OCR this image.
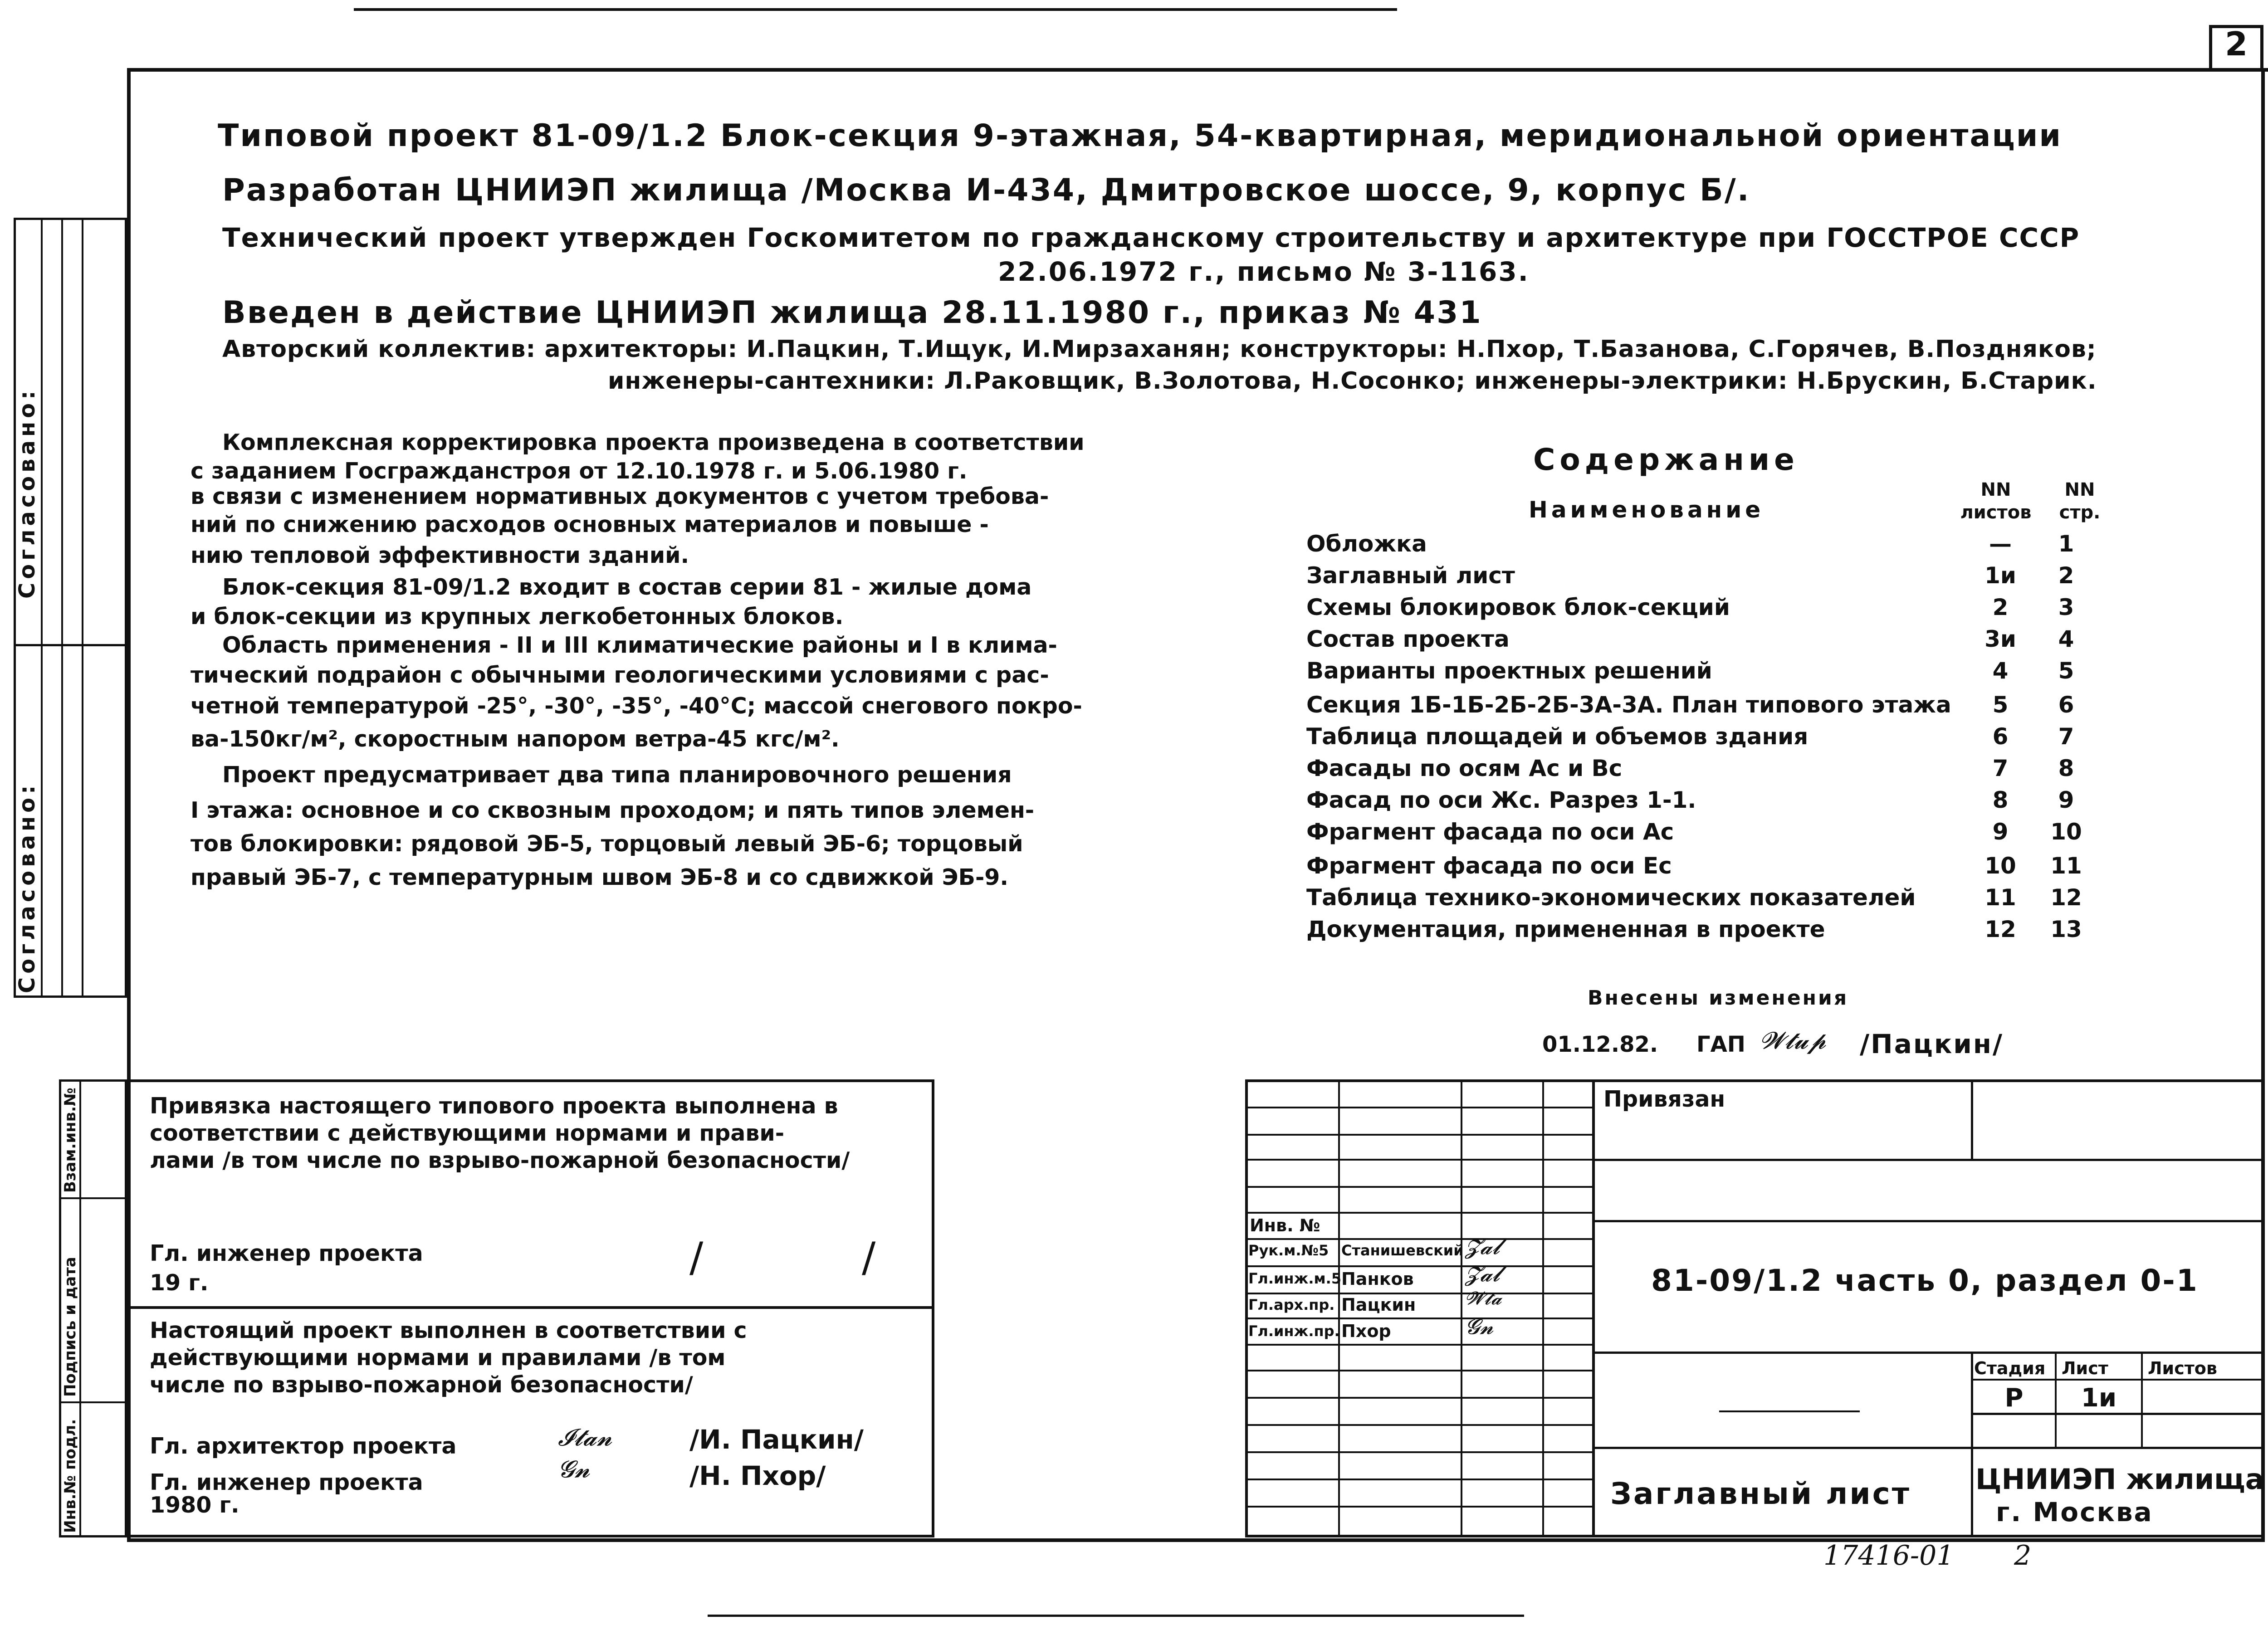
2
Согласовано:
Согласовано:
Инв.№ подл.
Подпись и дата
Взам.инв.№
Типовой проект 81-09/1.2 Блок-секция 9-этажная, 54-квартирная, меридиональной ориентации
Разработан ЦНИИЭП жилища /Москва И-434, Дмитровское шоссе, 9, корпус Б/.
Технический проект утвержден Госкомитетом по гражданскому строительству и архитектуре при ГОССТРОЕ СССР
22.06.1972 г., письмо № 3-1163.
Введен в действие ЦНИИЭП жилища 28.11.1980 г., приказ № 431
Авторский коллектив: архитекторы: И.Пацкин, Т.Ищук, И.Мирзаханян; конструкторы: Н.Пхор, Т.Базанова, С.Горячев, В.Поздняков;
инженеры-сантехники: Л.Раковщик, В.Золотова, Н.Сосонко; инженеры-электрики: Н.Брускин, Б.Старик.
Комплексная корректировка проекта произведена в соответствии
с заданием Госгражданстроя от 12.10.1978 г. и 5.06.1980 г.
в связи с изменением нормативных документов с учетом требова-
ний по снижению расходов основных материалов и повыше -
нию тепловой эффективности зданий.
Блок-секция 81-09/1.2 входит в состав серии 81 - жилые дома
и блок-секции из крупных легкобетонных блоков.
Область применения - II и III климатические районы и I в клима-
тический подрайон с обычными геологическими условиями с рас-
четной температурой -25°, -30°, -35°, -40°С; массой снегового покро-
ва-150кг/м², скоростным напором ветра-45 кгс/м².
Проект предусматривает два типа планировочного решения
I этажа: основное и со сквозным проходом; и пять типов элемен-
тов блокировки: рядовой ЭБ-5, торцовый левый ЭБ-6; торцовый
правый ЭБ-7, с температурным швом ЭБ-8 и со сдвижкой ЭБ-9.
Содержание
Наименование
NN листов
NN стр.
Обложка	—	1
Заглавный лист	1и	2
Схемы блокировок блок-секций	2	3
Состав проекта	3и	4
Варианты проектных решений	4	5
Секция 1Б-1Б-2Б-2Б-3А-3А. План типового этажа	5	6
Таблица площадей и объемов здания	6	7
Фасады по осям Ас и Вс	7	8
Фасад по оси Жс. Разрез 1-1.	8	9
Фрагмент фасада по оси Ас	9	10
Фрагмент фасада по оси Ес	10	11
Таблица технико-экономических показателей	11	12
Документация, примененная в проекте	12	13
Внесены изменения
01.12.82. ГАП 𝓦𝓽𝓾𝓹 /Пацкин/
Привязка настоящего типового проекта выполнена в
соответствии с действующими нормами и прави-
лами /в том числе по взрыво-пожарной безопасности/
Гл. инженер проекта
19 г.
/	/
Настоящий проект выполнен в соответствии с
действующими нормами и правилами /в том
числе по взрыво-пожарной безопасности/
Гл. архитектор проекта	𝓘𝓽𝓪𝓷	/И. Пацкин/
Гл. инженер проекта	𝓖𝓷	/Н. Пхор/
1980 г.
Привязан
Инв. №
Рук.м.№5 Станишевский
Гл.инж.м.5 Панков
Гл.арх.пр. Пацкин
Гл.инж.пр. Пхор
𝓩𝓪𝓵
𝓩𝓪𝓵
𝓦𝓽𝓪
𝓖𝓷
81-09/1.2 часть 0, раздел 0-1
Стадия Лист Листов
Р	1и
Заглавный лист ЦНИИЭП жилища
г. Москва
17416-01 2
